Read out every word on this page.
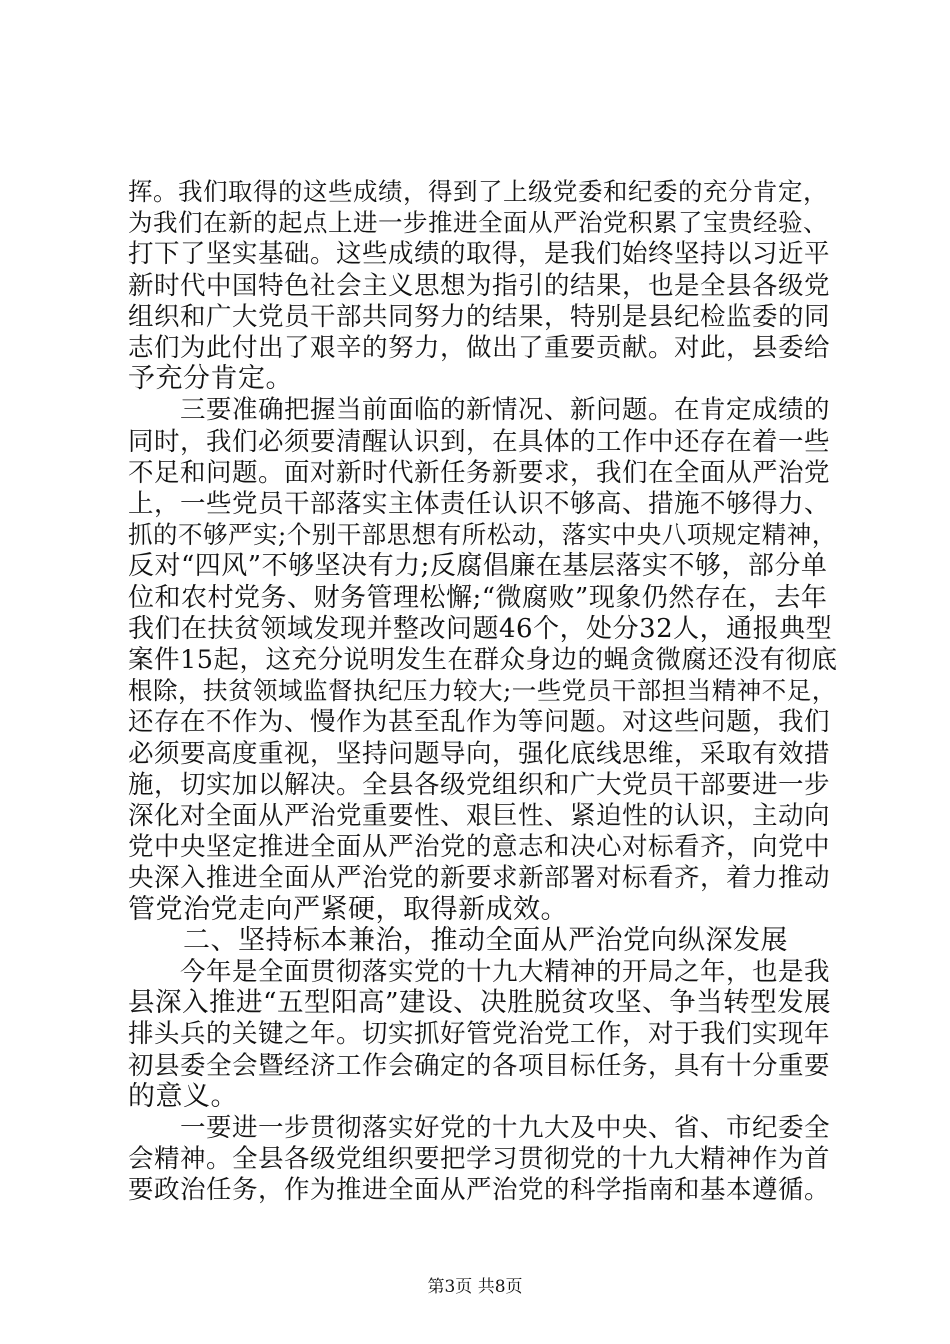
挥。我们取得的这些成绩，得到了上级党委和纪委的充分肯定，
为我们在新的起点上进一步推进全面从严治党积累了宝贵经验、
打下了坚实基础。这些成绩的取得，是我们始终坚持以习近平
新时代中国特色社会主义思想为指引的结果，也是全县各级党
组织和广大党员干部共同努力的结果，特别是县纪检监委的同
志们为此付出了艰辛的努力，做出了重要贡献。对此，县委给
予充分肯定。
　　三要准确把握当前面临的新情况、新问题。在肯定成绩的
同时，我们必须要清醒认识到，在具体的工作中还存在着一些
不足和问题。面对新时代新任务新要求，我们在全面从严治党
上，一些党员干部落实主体责任认识不够高、措施不够得力、
抓的不够严实;个别干部思想有所松动，落实中央八项规定精神，
反对“四风”不够坚决有力;反腐倡廉在基层落实不够，部分单
位和农村党务、财务管理松懈;“微腐败”现象仍然存在，去年
我们在扶贫领域发现并整改问题46个，处分32人，通报典型
案件15起，这充分说明发生在群众身边的蝇贪微腐还没有彻底
根除，扶贫领域监督执纪压力较大;一些党员干部担当精神不足，
还存在不作为、慢作为甚至乱作为等问题。对这些问题，我们
必须要高度重视，坚持问题导向，强化底线思维，采取有效措
施，切实加以解决。全县各级党组织和广大党员干部要进一步
深化对全面从严治党重要性、艰巨性、紧迫性的认识，主动向
党中央坚定推进全面从严治党的意志和决心对标看齐，向党中
央深入推进全面从严治党的新要求新部署对标看齐，着力推动
管党治党走向严紧硬，取得新成效。
　　二、坚持标本兼治，推动全面从严治党向纵深发展
　　今年是全面贯彻落实党的十九大精神的开局之年，也是我
县深入推进“五型阳高”建设、决胜脱贫攻坚、争当转型发展
排头兵的关键之年。切实抓好管党治党工作，对于我们实现年
初县委全会暨经济工作会确定的各项目标任务，具有十分重要
的意义。
　　一要进一步贯彻落实好党的十九大及中央、省、市纪委全
会精神。全县各级党组织要把学习贯彻党的十九大精神作为首
要政治任务，作为推进全面从严治党的科学指南和基本遵循。
第3页 共8页
